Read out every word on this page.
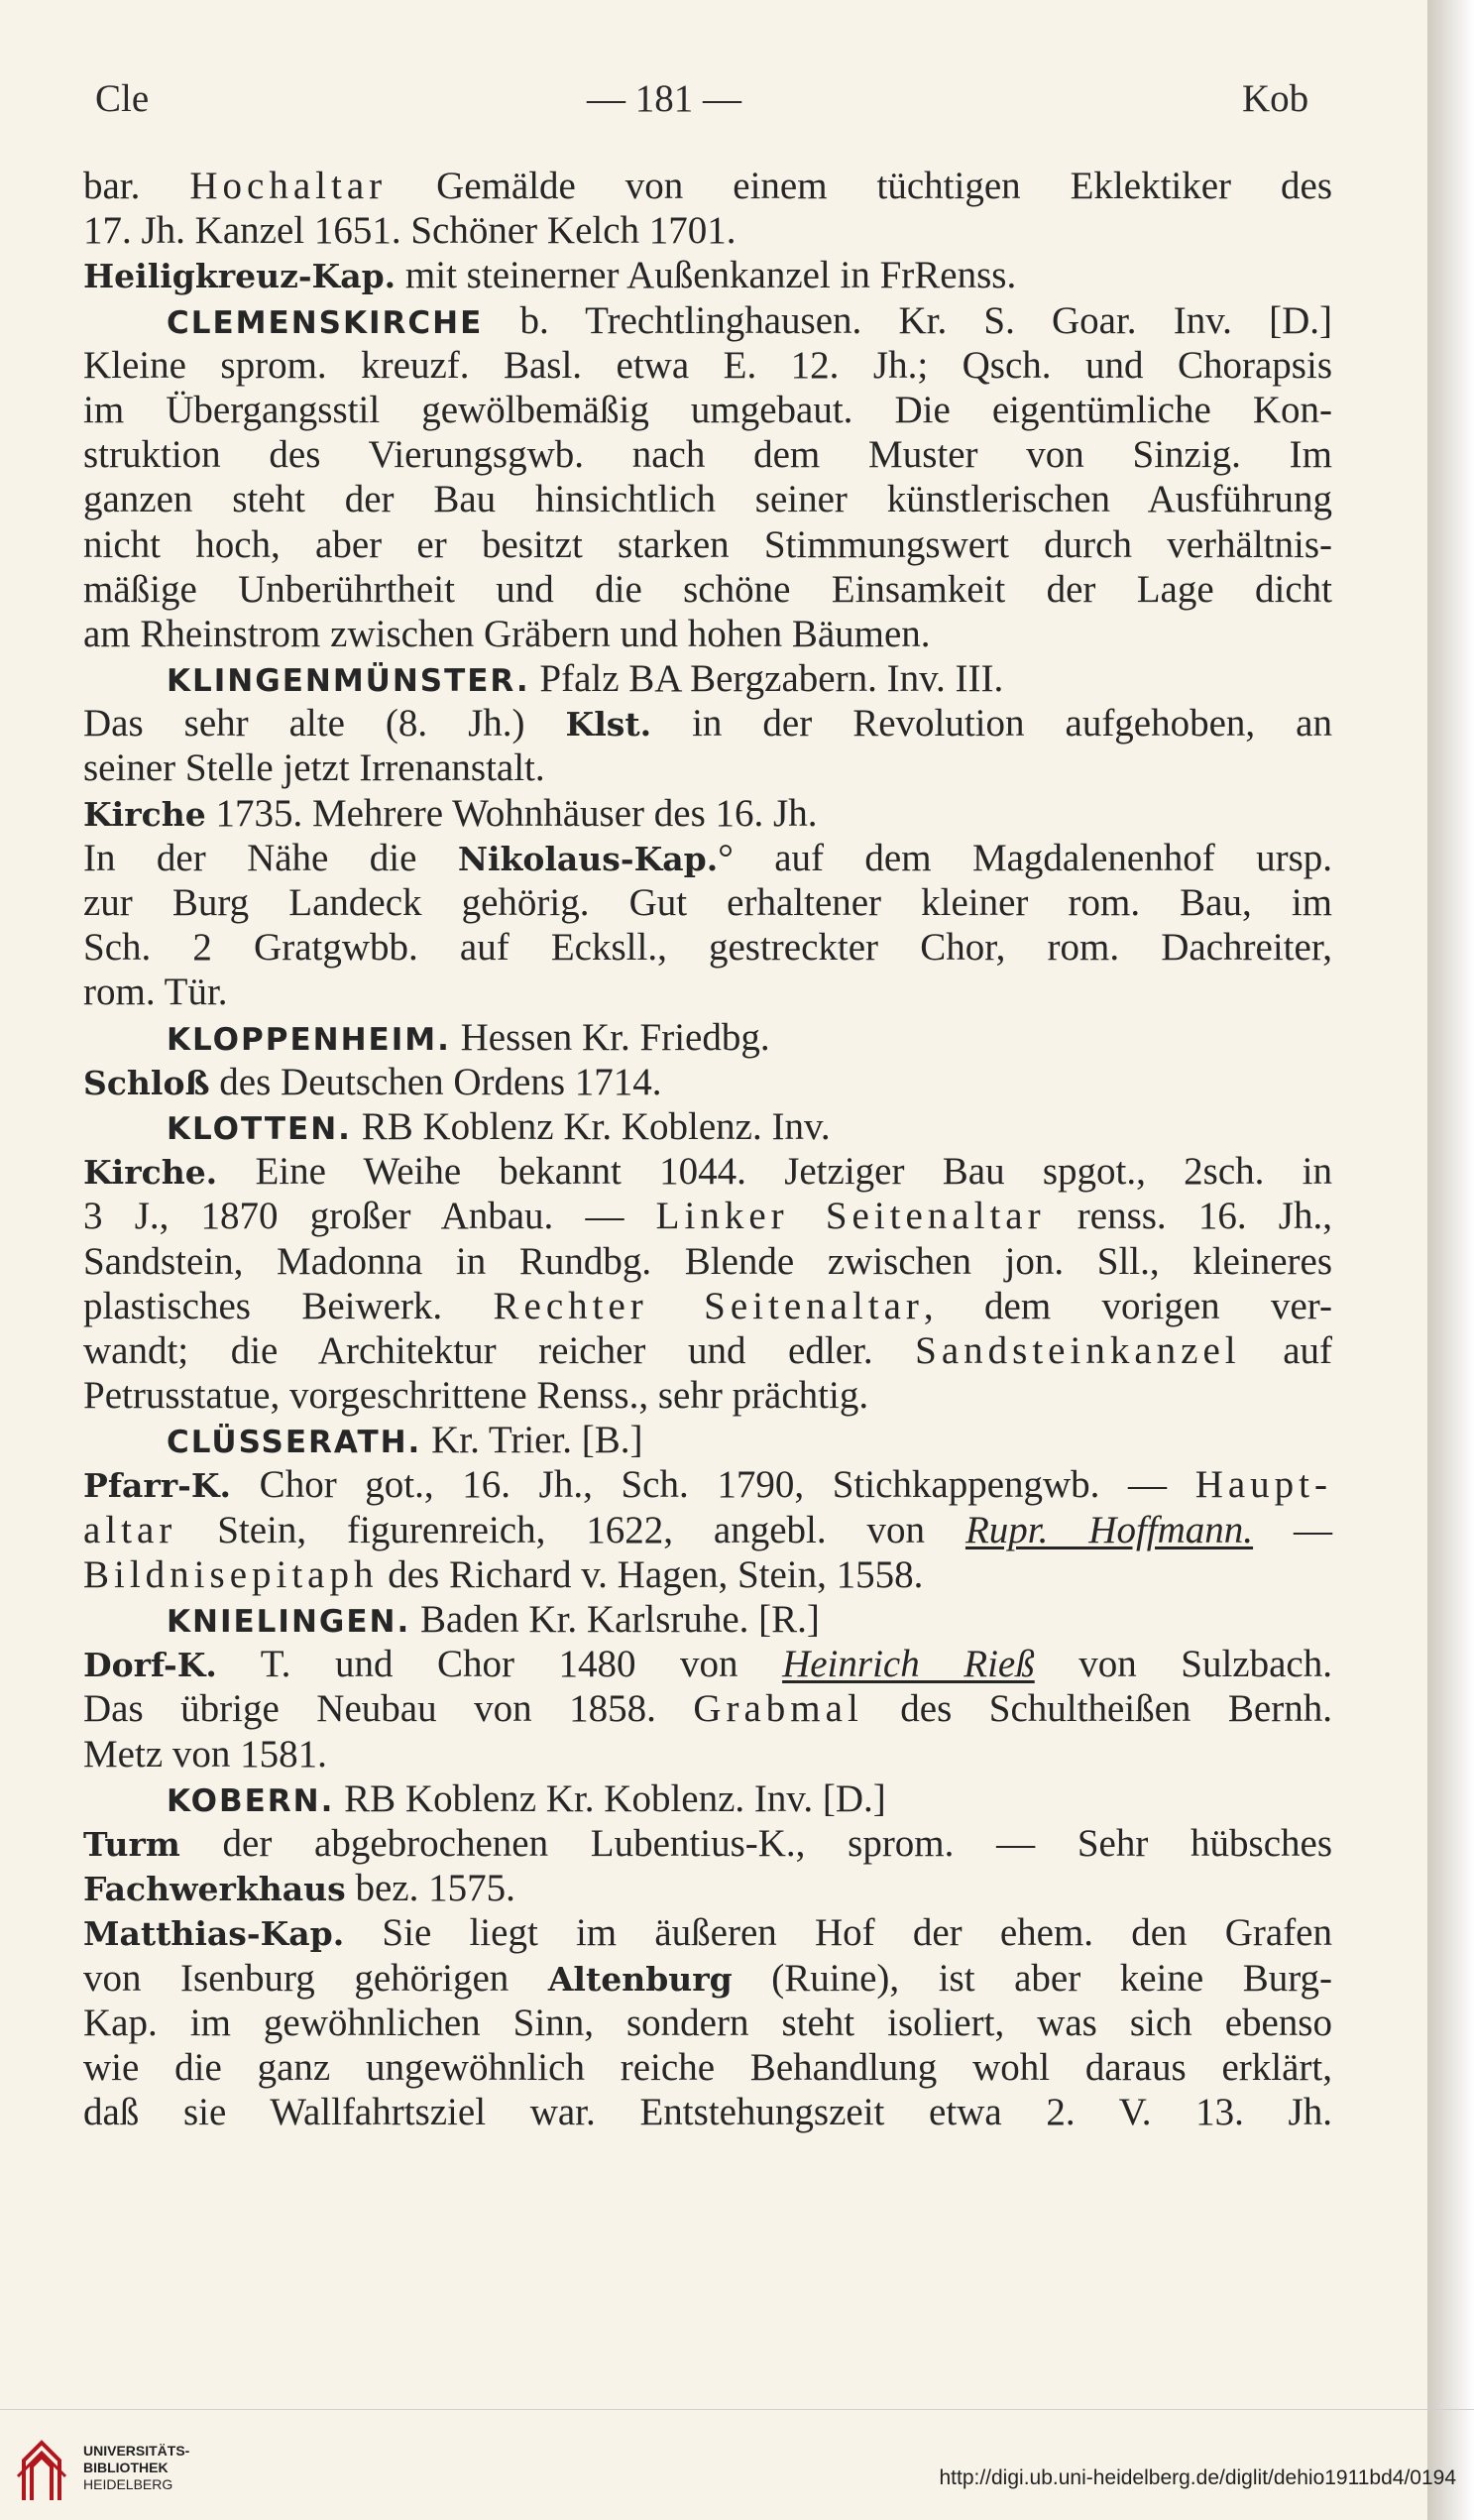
Cle	— 181 —	Kob
bar. Hochaltar Gemälde von einem tüchtigen Eklektiker des
17. Jh. Kanzel 1651. Schöner Kelch 1701.
Heiligkreuz-Kap. mit steinerner Außenkanzel in FrRenss.
CLEMENSKIRCHE b. Trechtlinghausen. Kr. S. Goar. Inv. [D.]
Kleine sprom. kreuzf. Basl. etwa E. 12. Jh.; Qsch. und Chorapsis
im Übergangsstil gewölbemäßig umgebaut. Die eigentümliche Kon-
struktion des Vierungsgwb. nach dem Muster von Sinzig. Im
ganzen steht der Bau hinsichtlich seiner künstlerischen Ausführung
nicht hoch, aber er besitzt starken Stimmungswert durch verhältnis-
mäßige Unberührtheit und die schöne Einsamkeit der Lage dicht
am Rheinstrom zwischen Gräbern und hohen Bäumen.
KLINGENMÜNSTER. Pfalz BA Bergzabern. Inv. III.
Das sehr alte (8. Jh.) Klst. in der Revolution aufgehoben, an
seiner Stelle jetzt Irrenanstalt.
Kirche 1735. Mehrere Wohnhäuser des 16. Jh.
In der Nähe die Nikolaus-Kap.° auf dem Magdalenenhof ursp.
zur Burg Landeck gehörig. Gut erhaltener kleiner rom. Bau, im
Sch. 2 Gratgwbb. auf Ecksll., gestreckter Chor, rom. Dachreiter,
rom. Tür.
KLOPPENHEIM. Hessen Kr. Friedbg.
Schloß des Deutschen Ordens 1714.
KLOTTEN. RB Koblenz Kr. Koblenz. Inv.
Kirche. Eine Weihe bekannt 1044. Jetziger Bau spgot., 2sch. in
3 J., 1870 großer Anbau. — Linker Seitenaltar renss. 16. Jh.,
Sandstein, Madonna in Rundbg. Blende zwischen jon. Sll., kleineres
plastisches Beiwerk. Rechter Seitenaltar, dem vorigen ver-
wandt; die Architektur reicher und edler. Sandsteinkanzel auf
Petrusstatue, vorgeschrittene Renss., sehr prächtig.
CLÜSSERATH. Kr. Trier. [B.]
Pfarr-K. Chor got., 16. Jh., Sch. 1790, Stichkappengwb. — Haupt-
altar Stein, figurenreich, 1622, angebl. von Rupr. Hoffmann. —
Bildnisepitaph des Richard v. Hagen, Stein, 1558.
KNIELINGEN. Baden Kr. Karlsruhe. [R.]
Dorf-K. T. und Chor 1480 von Heinrich Rieß von Sulzbach.
Das übrige Neubau von 1858. Grabmal des Schultheißen Bernh.
Metz von 1581.
KOBERN. RB Koblenz Kr. Koblenz. Inv. [D.]
Turm der abgebrochenen Lubentius-K., sprom. — Sehr hübsches
Fachwerkhaus bez. 1575.
Matthias-Kap. Sie liegt im äußeren Hof der ehem. den Grafen
von Isenburg gehörigen Altenburg (Ruine), ist aber keine Burg-
Kap. im gewöhnlichen Sinn, sondern steht isoliert, was sich ebenso
wie die ganz ungewöhnlich reiche Behandlung wohl daraus erklärt,
daß sie Wallfahrtsziel war. Entstehungszeit etwa 2. V. 13. Jh.
UNIVERSITÄTS-
BIBLIOTHEK
HEIDELBERG	http://digi.ub.uni-heidelberg.de/diglit/dehio1911bd4/0194
